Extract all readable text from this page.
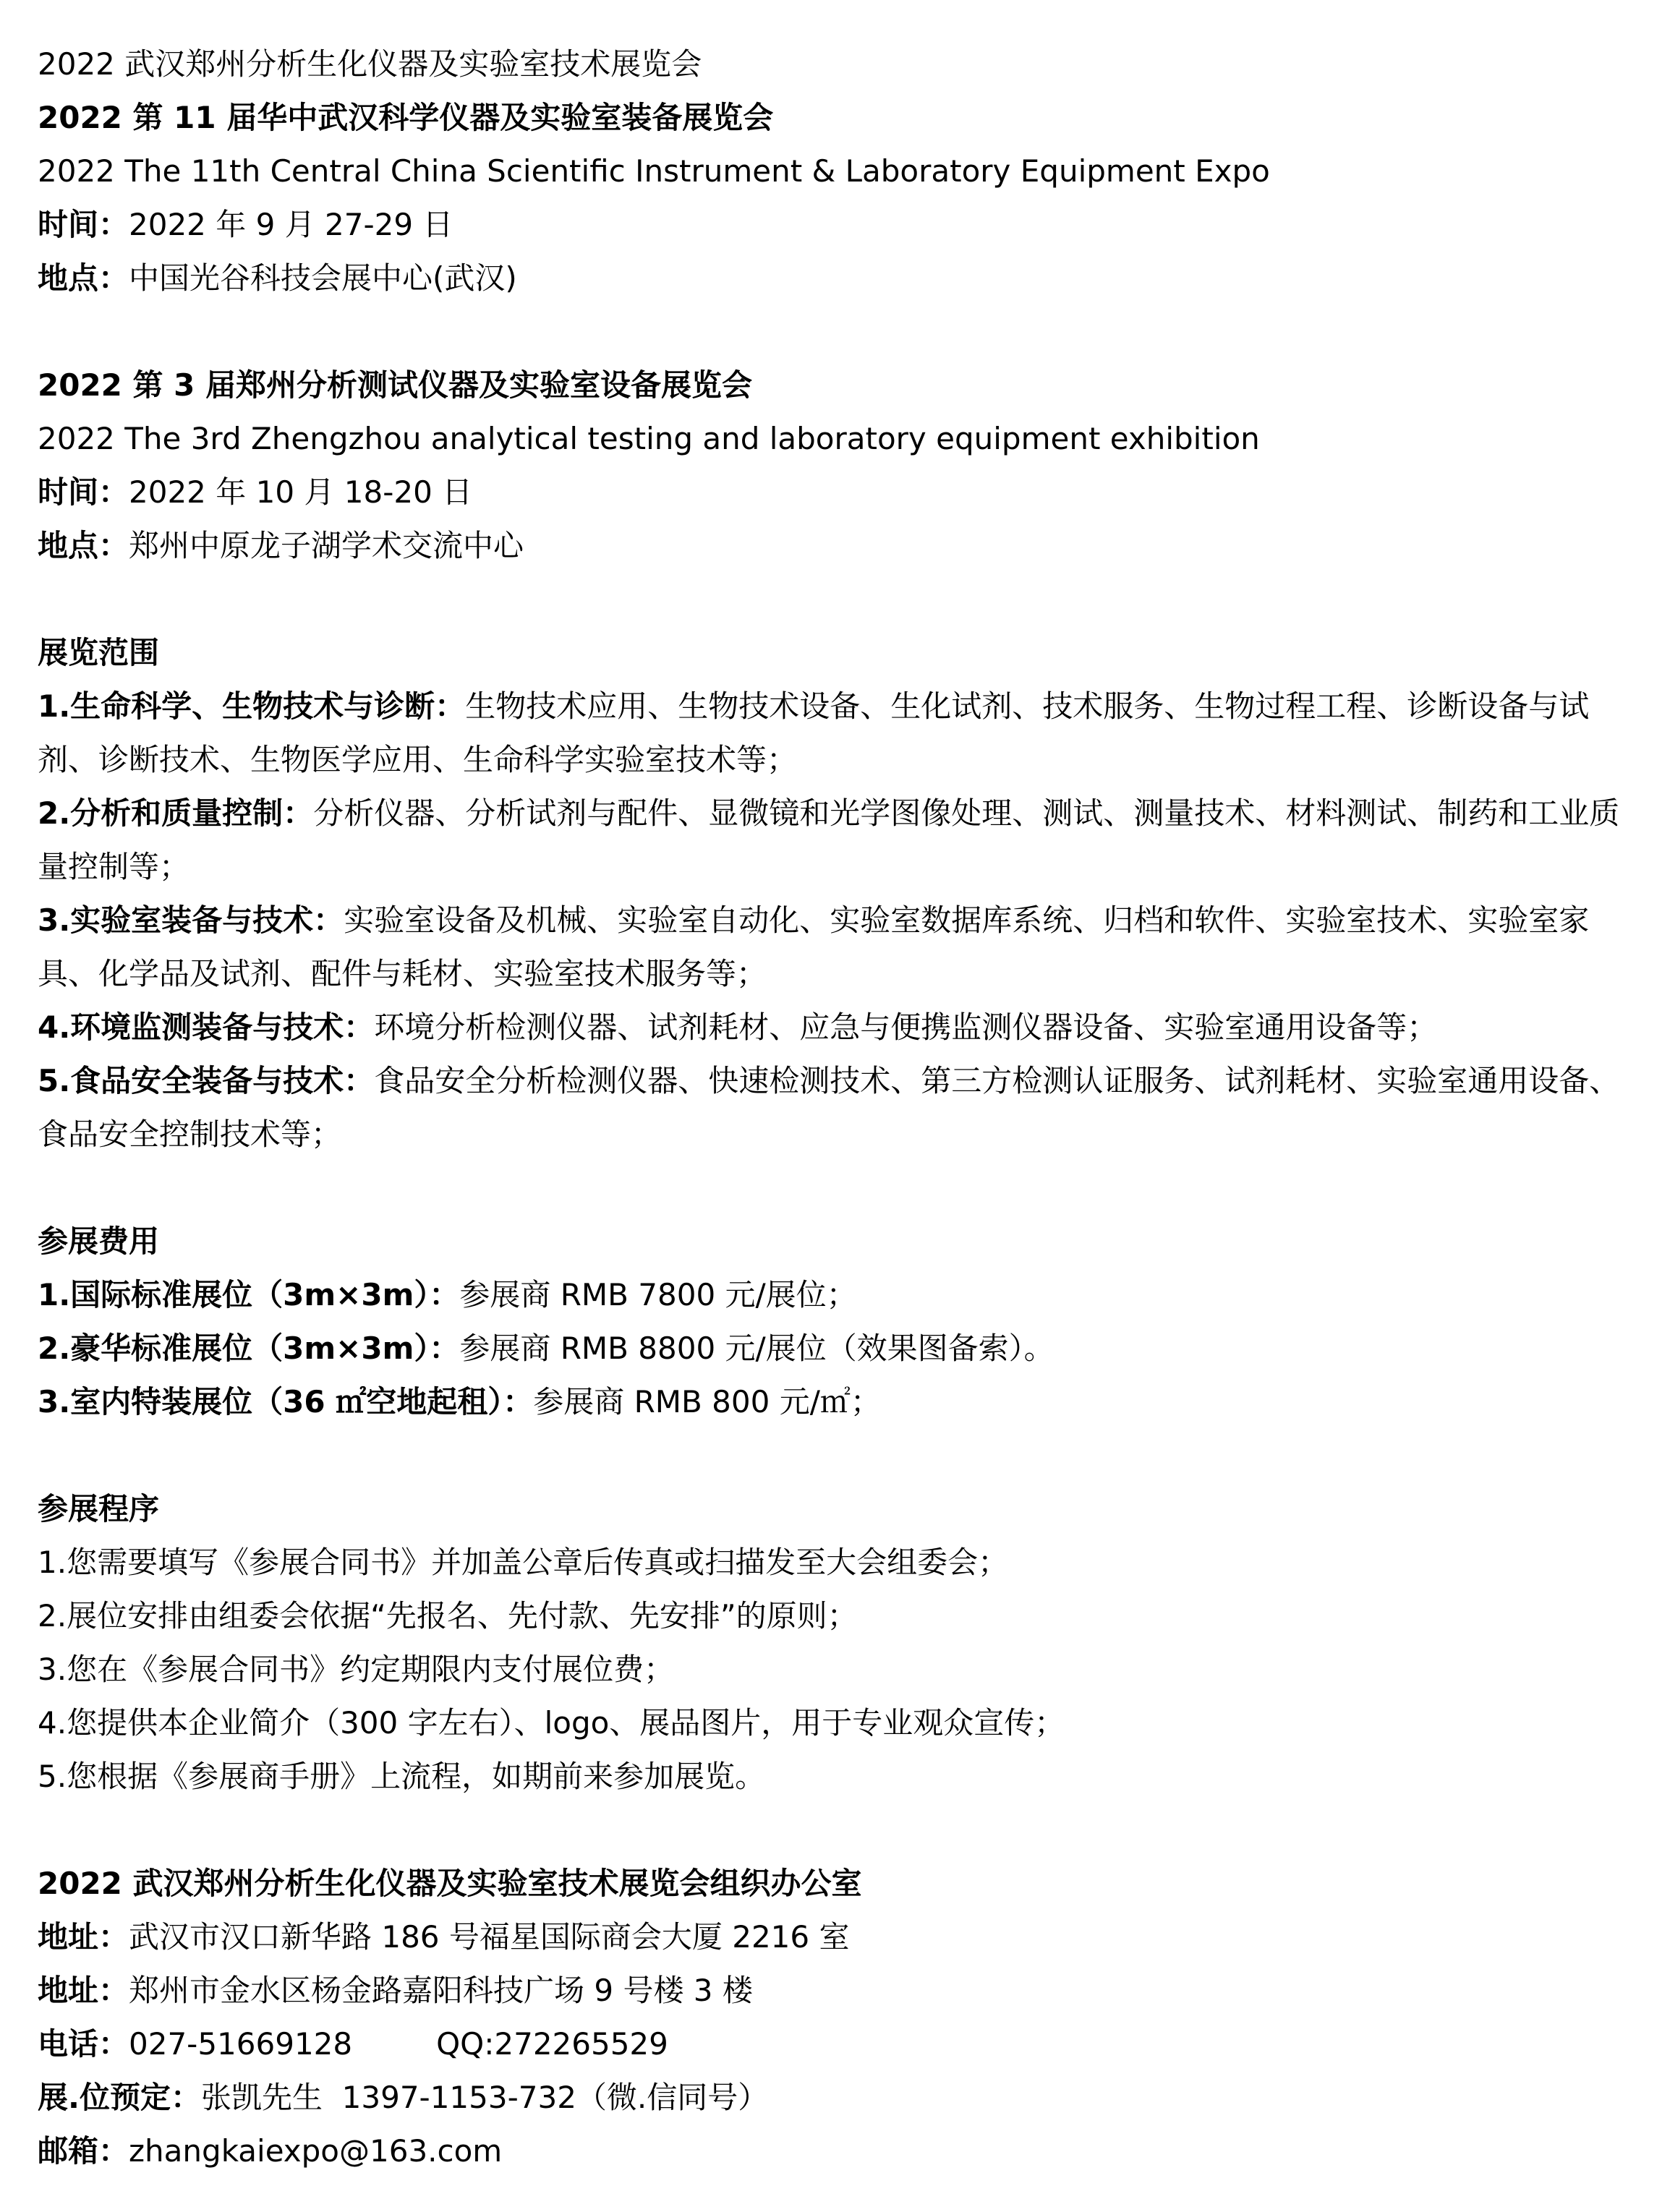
2022 武汉郑州分析生化仪器及实验室技术展览会
2022 第 11 届华中武汉科学仪器及实验室装备展览会
2022 The 11th Central China Scientific Instrument & Laboratory Equipment Expo
时间：2022 年 9 月 27-29 日
地点：中国光谷科技会展中心(武汉)
2022 第 3 届郑州分析测试仪器及实验室设备展览会
2022 The 3rd Zhengzhou analytical testing and laboratory equipment exhibition
时间：2022 年 10 月 18-20 日
地点：郑州中原龙子湖学术交流中心
展览范围
1.生命科学、生物技术与诊断：生物技术应用、生物技术设备、生化试剂、技术服务、生物过程工程、诊断设备与试剂、诊断技术、生物医学应用、生命科学实验室技术等；
2.分析和质量控制：分析仪器、分析试剂与配件、显微镜和光学图像处理、测试、测量技术、材料测试、制药和工业质量控制等；
3.实验室装备与技术：实验室设备及机械、实验室自动化、实验室数据库系统、归档和软件、实验室技术、实验室家具、化学品及试剂、配件与耗材、实验室技术服务等；
4.环境监测装备与技术：环境分析检测仪器、试剂耗材、应急与便携监测仪器设备、实验室通用设备等；
5.食品安全装备与技术：食品安全分析检测仪器、快速检测技术、第三方检测认证服务、试剂耗材、实验室通用设备、食品安全控制技术等；
参展费用
1.国际标准展位（3m×3m）：参展商 RMB 7800 元/展位；
2.豪华标准展位（3m×3m）：参展商 RMB 8800 元/展位（效果图备索）。
3.室内特装展位（36 ㎡空地起租）：参展商 RMB 800 元/㎡；
参展程序
1.您需要填写《参展合同书》并加盖公章后传真或扫描发至大会组委会；
2.展位安排由组委会依据“先报名、先付款、先安排”的原则；
3.您在《参展合同书》约定期限内支付展位费；
4.您提供本企业简介（300 字左右）、logo、展品图片，用于专业观众宣传；
5.您根据《参展商手册》上流程，如期前来参加展览。
2022 武汉郑州分析生化仪器及实验室技术展览会组织办公室
地址：武汉市汉口新华路 186 号福星国际商会大厦 2216 室
地址：郑州市金水区杨金路嘉阳科技广场 9 号楼 3 楼
电话：027-51669128	QQ:272265529
展.位预定：张凯先生  1397-1153-732（微.信同号）
邮箱：zhangkaiexpo@163.com
